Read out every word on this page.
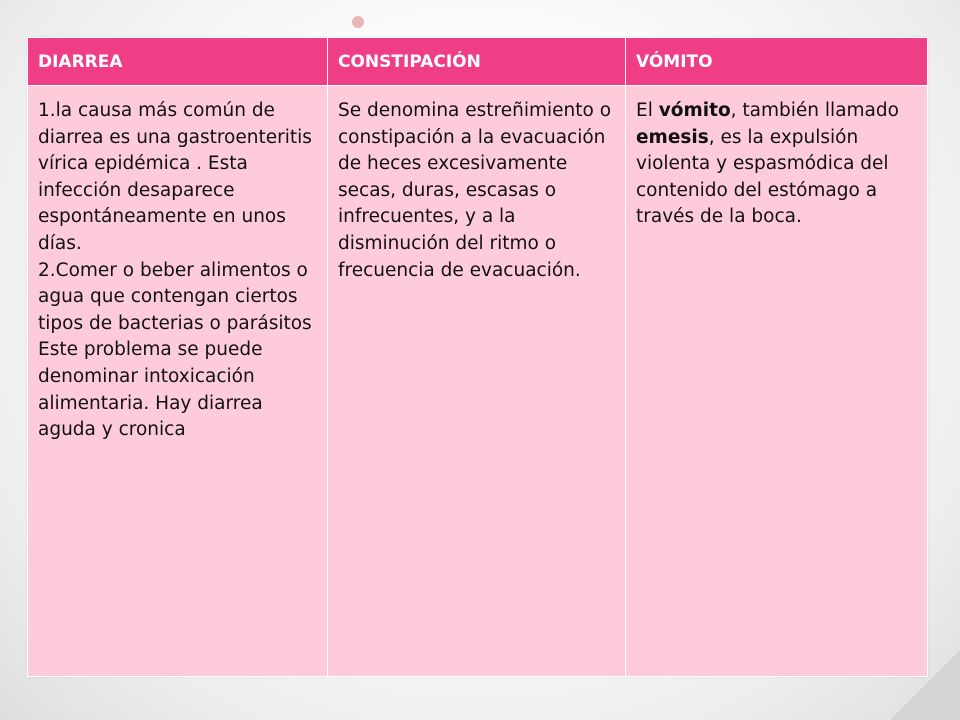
DIARREA	CONSTIPACIÓN	VÓMITO

1.la causa más común de diarrea es una gastroenteritis vírica epidémica . Esta infección desaparece espontáneamente en unos días.
2.Comer o beber alimentos o agua que contengan ciertos tipos de bacterias o parásitos Este problema se puede denominar intoxicación alimentaria. Hay diarrea aguda y cronica	Se denomina estreñimiento o constipación a la evacuación de heces excesivamente secas, duras, escasas o infrecuentes, y a la disminución del ritmo o frecuencia de evacuación.	El vómito, también llamado emesis, es la expulsión violenta y espasmódica del contenido del estómago a través de la boca.
